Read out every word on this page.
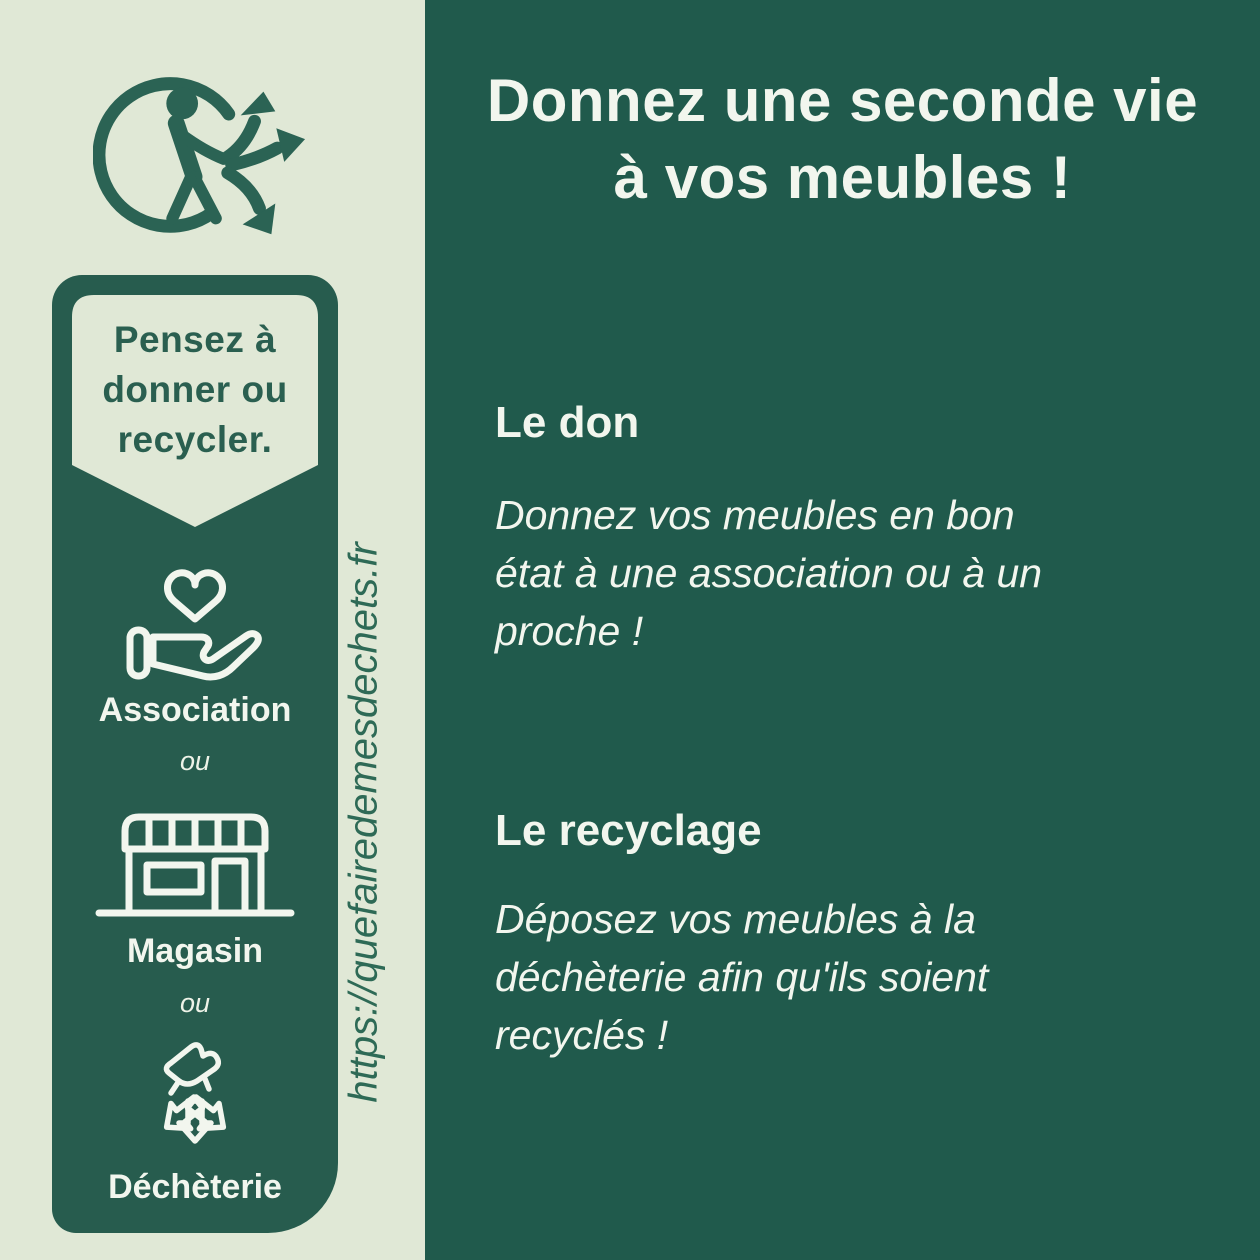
Pensez à
donner ou
recycler.
Association
ou
Magasin
ou
Déchèterie
https://quefairedemesdechets.fr
Donnez une seconde vie
à vos meubles !
Le don
Donnez vos meubles en bon
état à une association ou à un
proche !
Le recyclage
Déposez vos meubles à la
déchèterie afin qu'ils soient
recyclés !
